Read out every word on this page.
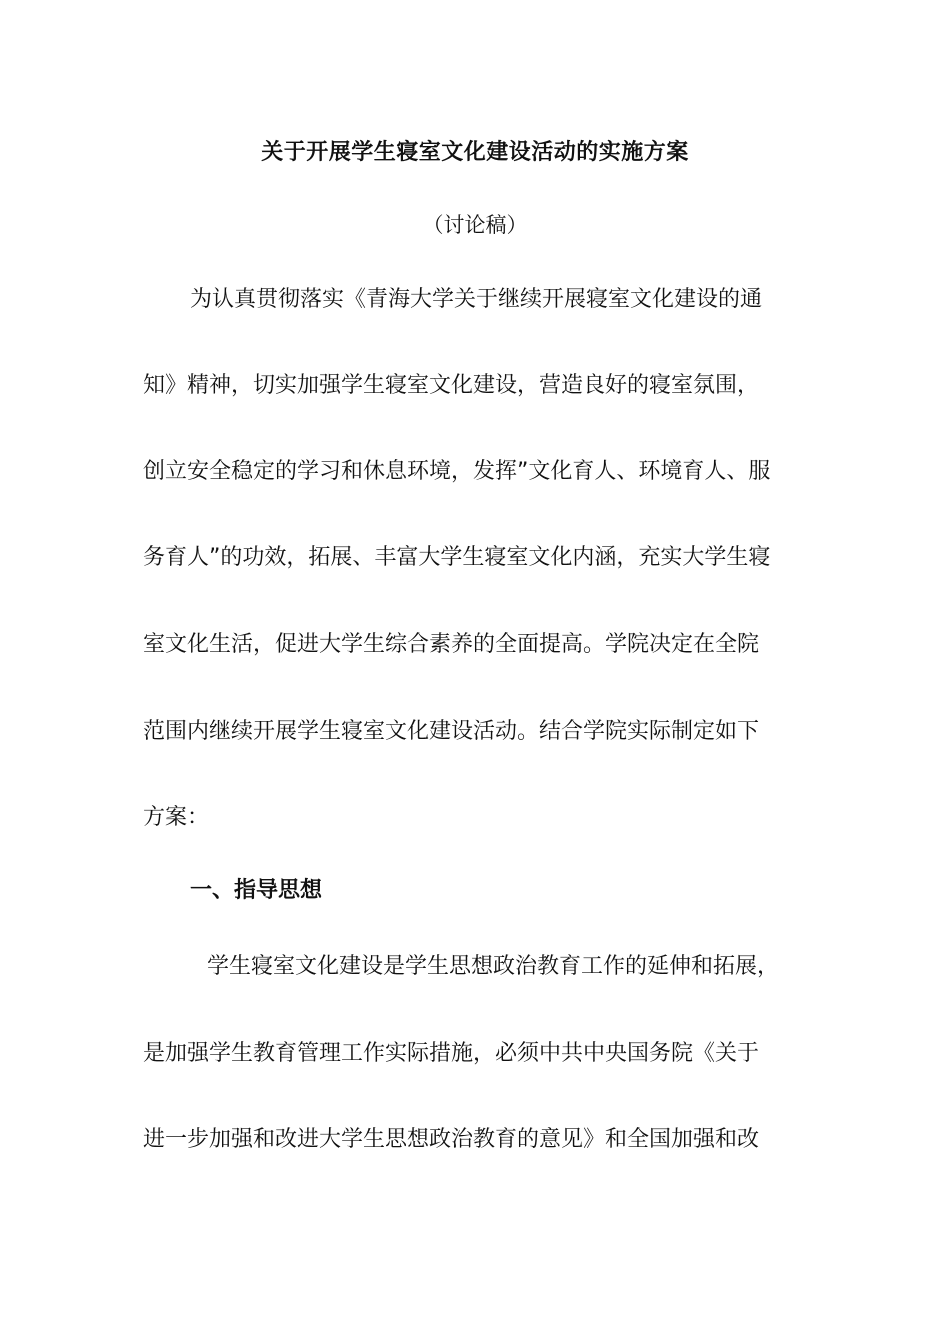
关于开展学生寝室文化建设活动的实施方案
（讨论稿）
为认真贯彻落实《青海大学关于继续开展寝室文化建设的通
知》精神，切实加强学生寝室文化建设，营造良好的寝室氛围，
创立安全稳定的学习和休息环境，发挥”文化育人、环境育人、服
务育人”的功效，拓展、丰富大学生寝室文化内涵，充实大学生寝
室文化生活，促进大学生综合素养的全面提高。学院决定在全院
范围内继续开展学生寝室文化建设活动。结合学院实际制定如下
方案：
一、指导思想
学生寝室文化建设是学生思想政治教育工作的延伸和拓展，
是加强学生教育管理工作实际措施，必须中共中央国务院《关于
进一步加强和改进大学生思想政治教育的意见》和全国加强和改
